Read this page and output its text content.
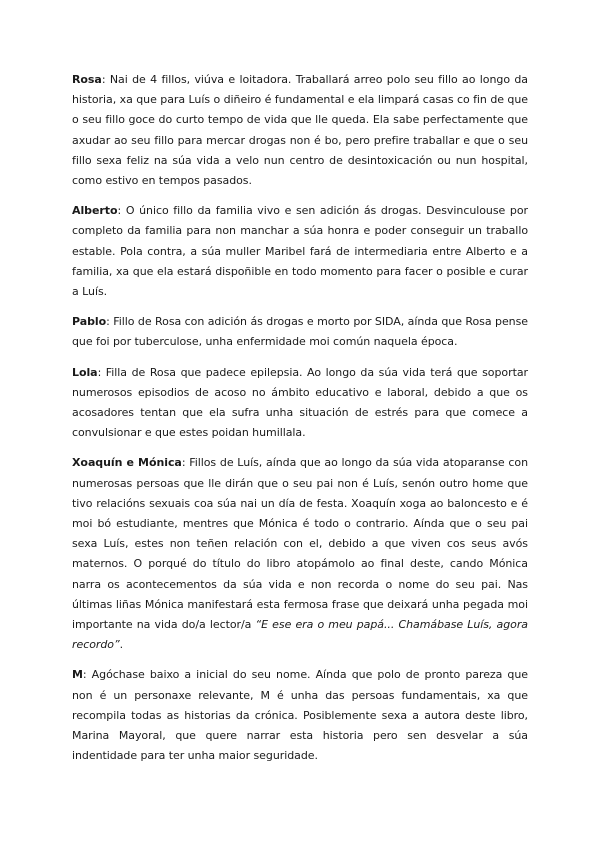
Rosa: Nai de 4 fillos, viúva e loitadora. Traballará arreo polo seu fillo ao longo da historia, xa que para Luís o diñeiro é fundamental e ela limpará casas co fin de que o seu fillo goce do curto tempo de vida que lle queda. Ela sabe perfectamente que axudar ao seu fillo para mercar drogas non é bo, pero prefire traballar e que o seu fillo sexa feliz na súa vida a velo nun centro de desintoxicación ou nun hospital, como estivo en tempos pasados.

Alberto: O único fillo da familia vivo e sen adición ás drogas. Desvinculouse por completo da familia para non manchar a súa honra e poder conseguir un traballo estable. Pola contra, a súa muller Maribel fará de intermediaria entre Alberto e a familia, xa que ela estará dispoñible en todo momento para facer o posible e curar a Luís.

Pablo: Fillo de Rosa con adición ás drogas e morto por SIDA, aínda que Rosa pense que foi por tuberculose, unha enfermidade moi común naquela época.

Lola: Filla de Rosa que padece epilepsia. Ao longo da súa vida terá que soportar numerosos episodios de acoso no ámbito educativo e laboral, debido a que os acosadores tentan que ela sufra unha situación de estrés para que comece a convulsionar e que estes poidan humillala.

Xoaquín e Mónica: Fillos de Luís, aínda que ao longo da súa vida atoparanse con numerosas persoas que lle dirán que o seu pai non é Luís, senón outro home que tivo relacións sexuais coa súa nai un día de festa. Xoaquín xoga ao baloncesto e é moi bó estudiante, mentres que Mónica é todo o contrario. Aínda que o seu pai sexa Luís, estes non teñen relación con el, debido a que viven cos seus avós maternos. O porqué do título do libro atopámolo ao final deste, cando Mónica narra os acontecementos da súa vida e non recorda o nome do seu pai. Nas últimas liñas Mónica manifestará esta fermosa frase que deixará unha pegada moi importante na vida do/a lector/a “E ese era o meu papá... Chamábase Luís, agora recordo”.

M: Agóchase baixo a inicial do seu nome. Aínda que polo de pronto pareza que non é un personaxe relevante, M é unha das persoas fundamentais, xa que recompila todas as historias da crónica. Posiblemente sexa a autora deste libro, Marina Mayoral, que quere narrar esta historia pero sen desvelar a súa indentidade para ter unha maior seguridade.
